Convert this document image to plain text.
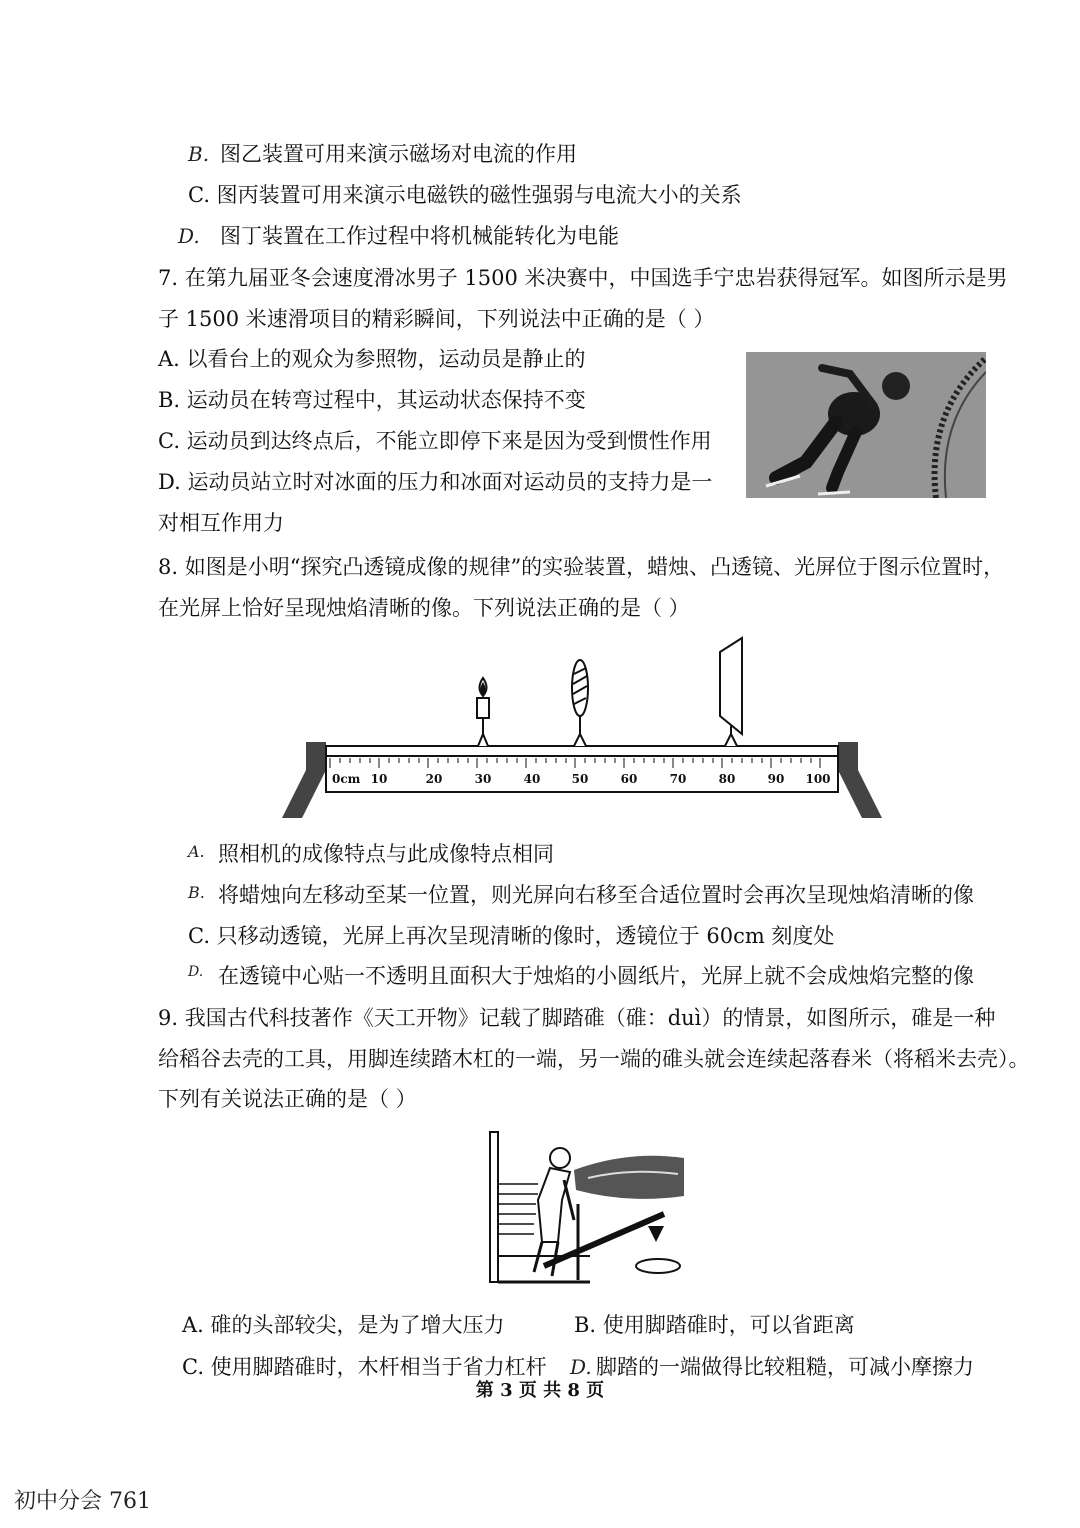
B. 图乙装置可用来演示磁场对电流的作用
C. 图丙装置可用来演示电磁铁的磁性强弱与电流大小的关系
D. 图丁装置在工作过程中将机械能转化为电能
7. 在第九届亚冬会速度滑冰男子 1500 米决赛中，中国选手宁忠岩获得冠军。如图所示是男
子 1500 米速滑项目的精彩瞬间，下列说法中正确的是（ ）
A. 以看台上的观众为参照物，运动员是静止的
B. 运动员在转弯过程中，其运动状态保持不变
C. 运动员到达终点后，不能立即停下来是因为受到惯性作用
D. 运动员站立时对冰面的压力和冰面对运动员的支持力是一
对相互作用力
8. 如图是小明“探究凸透镜成像的规律”的实验装置，蜡烛、凸透镜、光屏位于图示位置时，
在光屏上恰好呈现烛焰清晰的像。下列说法正确的是（ ）
0cm 10	20	30	40	50	60	70	80	90 100
A. 照相机的成像特点与此成像特点相同
B. 将蜡烛向左移动至某一位置，则光屏向右移至合适位置时会再次呈现烛焰清晰的像
C. 只移动透镜，光屏上再次呈现清晰的像时，透镜位于 60cm 刻度处
D. 在透镜中心贴一不透明且面积大于烛焰的小圆纸片，光屏上就不会成烛焰完整的像
9. 我国古代科技著作《天工开物》记载了脚踏碓（碓：duì）的情景，如图所示，碓是一种
给稻谷去壳的工具，用脚连续踏木杠的一端，另一端的碓头就会连续起落舂米（将稻米去壳）。
下列有关说法正确的是（ ）
A. 碓的头部较尖，是为了增大压力	B. 使用脚踏碓时，可以省距离
C. 使用脚踏碓时，木杆相当于省力杠杆 D. 脚踏的一端做得比较粗糙，可减小摩擦力
第 3 页 共 8 页
初中分会 761
